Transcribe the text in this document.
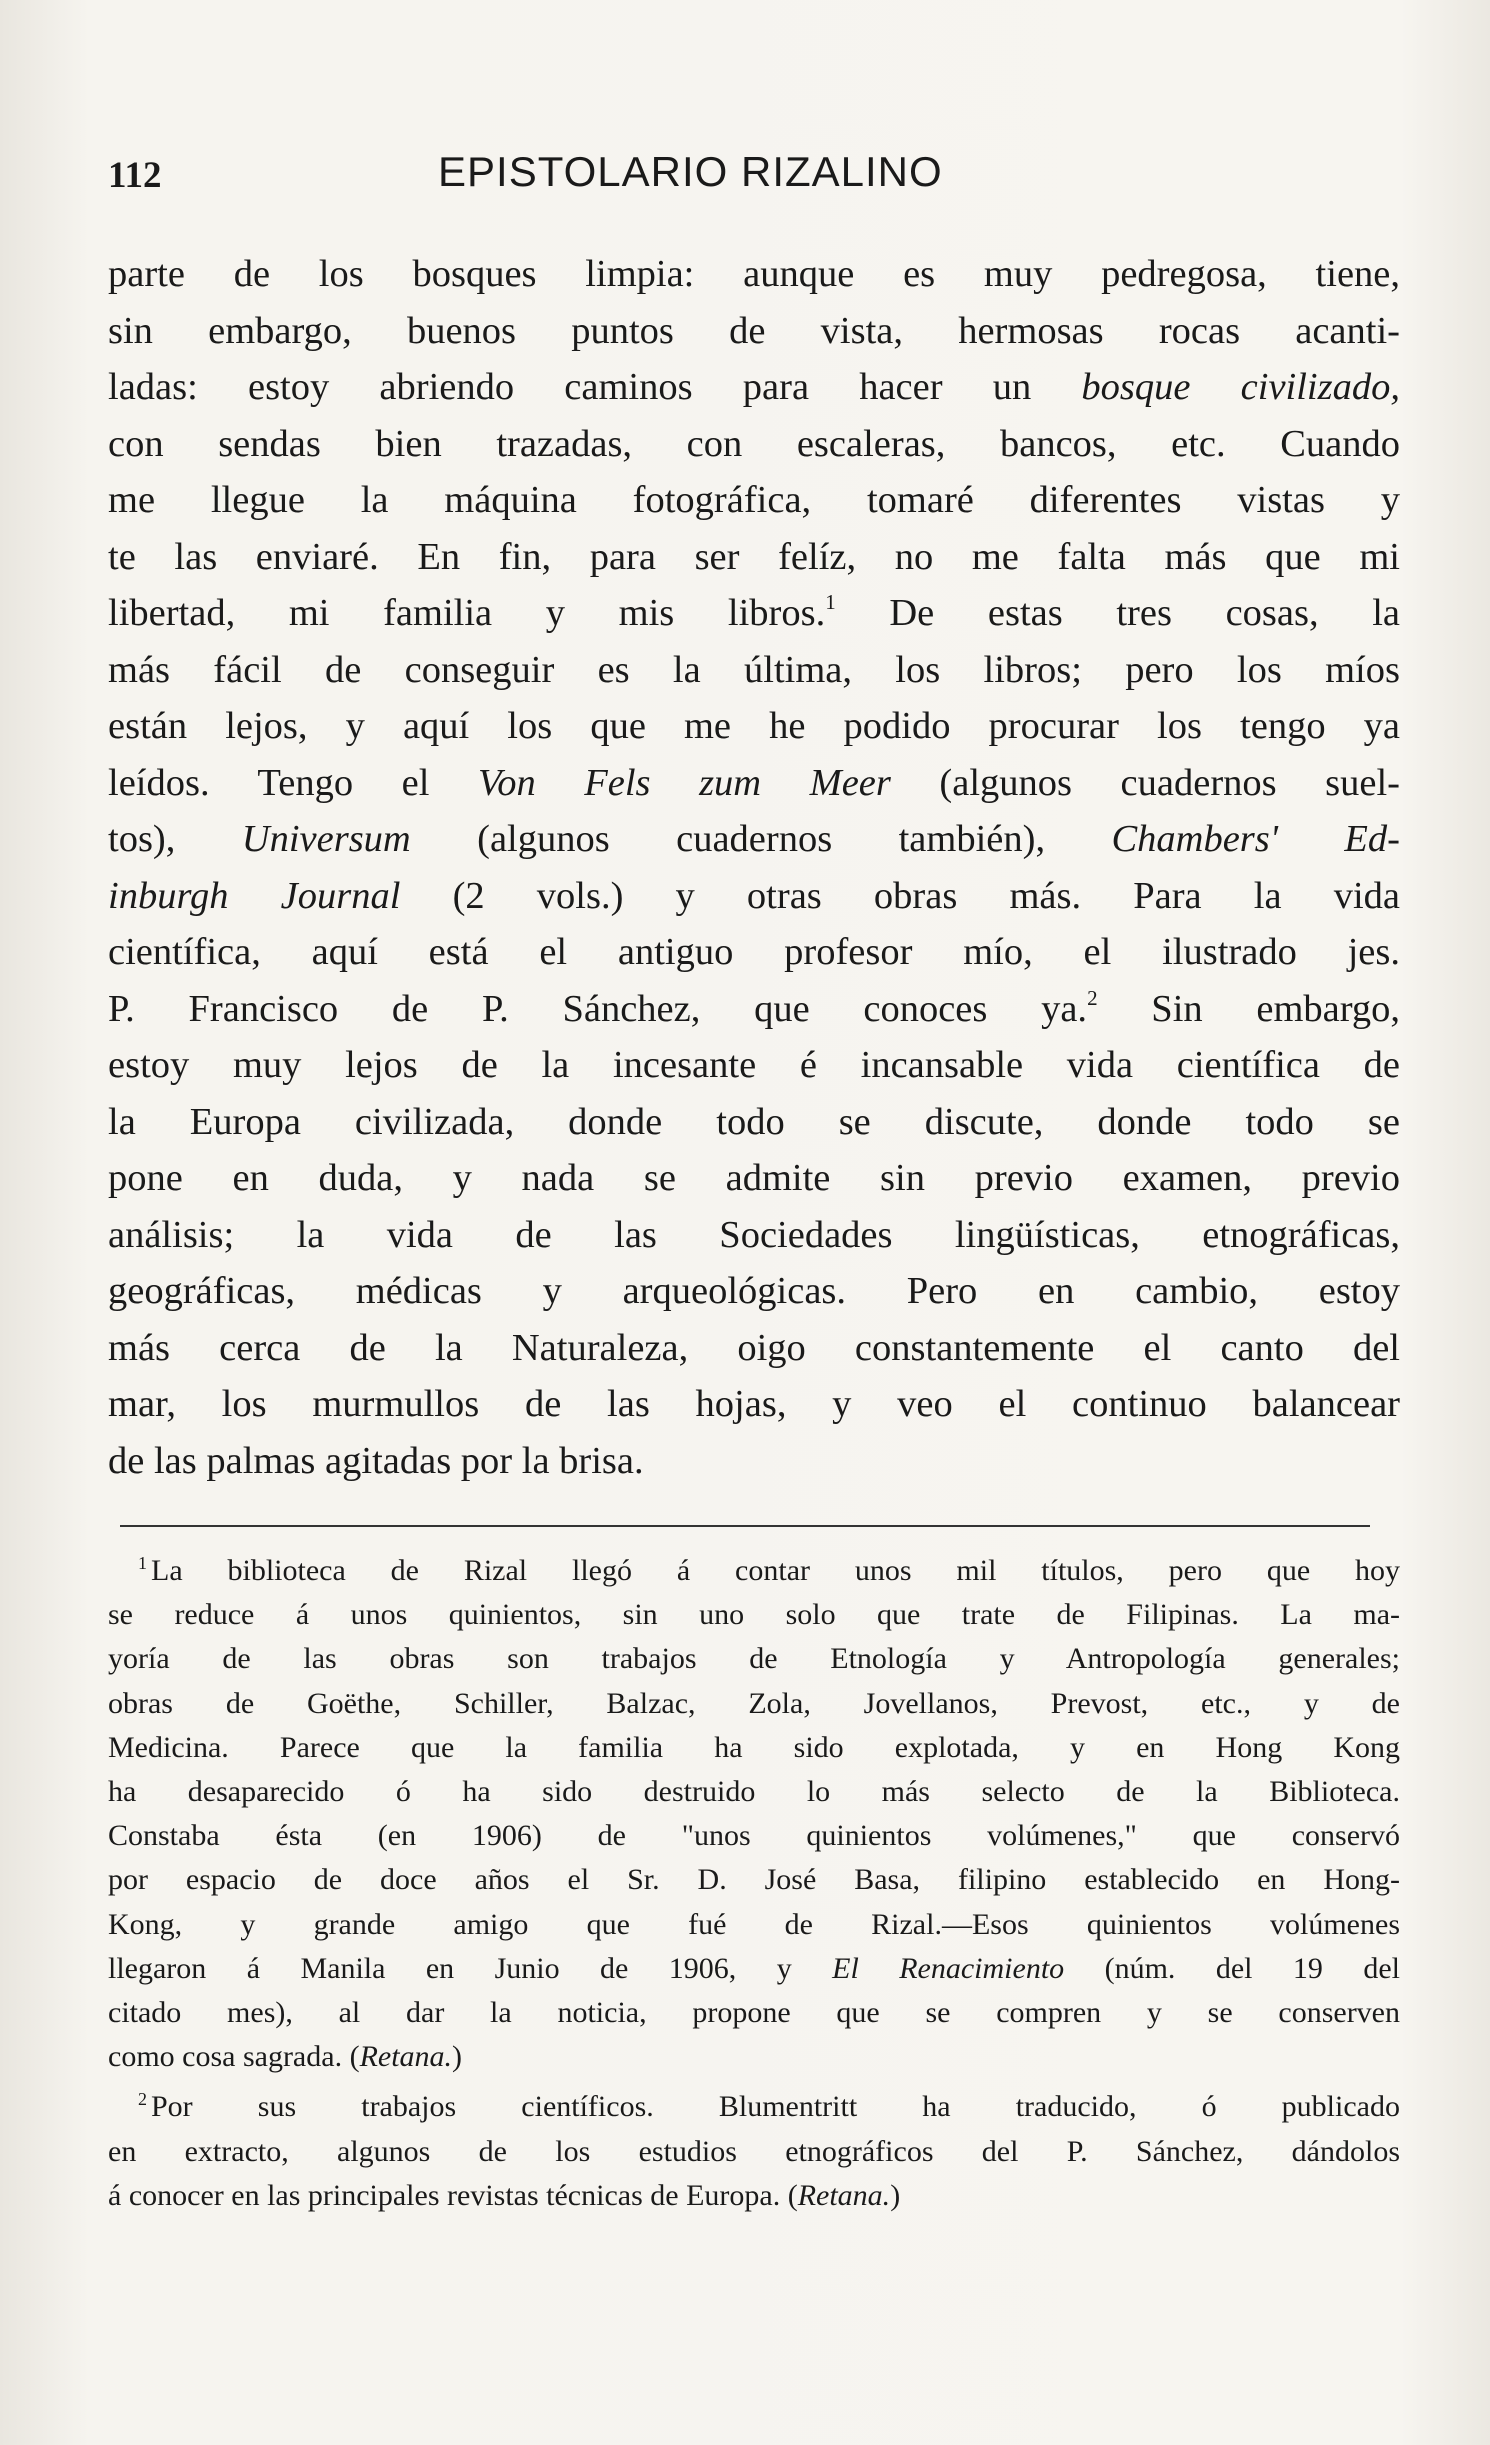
112	EPISTOLARIO RIZALINO

parte de los bosques limpia: aunque es muy pedregosa, tiene,
sin embargo, buenos puntos de vista, hermosas rocas acanti-
ladas: estoy abriendo caminos para hacer un bosque civilizado,
con sendas bien trazadas, con escaleras, bancos, etc. Cuando
me llegue la máquina fotográfica, tomaré diferentes vistas y
te las enviaré. En fin, para ser felíz, no me falta más que mi
libertad, mi familia y mis libros.$^1$ De estas tres cosas, la
más fácil de conseguir es la última, los libros; pero los míos
están lejos, y aquí los que me he podido procurar los tengo ya
leídos. Tengo el Von Fels zum Meer (algunos cuadernos suel-
tos), Universum (algunos cuadernos también), Chambers' Ed-
inburgh Journal (2 vols.) y otras obras más. Para la vida
científica, aquí está el antiguo profesor mío, el ilustrado jes.
P. Francisco de P. Sánchez, que conoces ya.$^2$ Sin embargo,
estoy muy lejos de la incesante é incansable vida científica de
la Europa civilizada, donde todo se discute, donde todo se
pone en duda, y nada se admite sin previo examen, previo
análisis; la vida de las Sociedades lingüísticas, etnográficas,
geográficas, médicas y arqueológicas. Pero en cambio, estoy
más cerca de la Naturaleza, oigo constantemente el canto del
mar, los murmullos de las hojas, y veo el continuo balancear
de las palmas agitadas por la brisa.

$^1$ La biblioteca de Rizal llegó á contar unos mil títulos, pero que hoy
se reduce á unos quinientos, sin uno solo que trate de Filipinas. La ma-
yoría de las obras son trabajos de Etnología y Antropología generales;
obras de Goëthe, Schiller, Balzac, Zola, Jovellanos, Prevost, etc., y de
Medicina. Parece que la familia ha sido explotada, y en Hong Kong
ha desaparecido ó ha sido destruido lo más selecto de la Biblioteca.
Constaba ésta (en 1906) de "unos quinientos volúmenes," que conservó
por espacio de doce años el Sr. D. José Basa, filipino establecido en Hong-
Kong, y grande amigo que fué de Rizal.—Esos quinientos volúmenes
llegaron á Manila en Junio de 1906, y El Renacimiento (núm. del 19 del
citado mes), al dar la noticia, propone que se compren y se conserven
como cosa sagrada. (Retana.)
$^2$ Por sus trabajos científicos. Blumentritt ha traducido, ó publicado
en extracto, algunos de los estudios etnográficos del P. Sánchez, dándolos
á conocer en las principales revistas técnicas de Europa. (Retana.)
